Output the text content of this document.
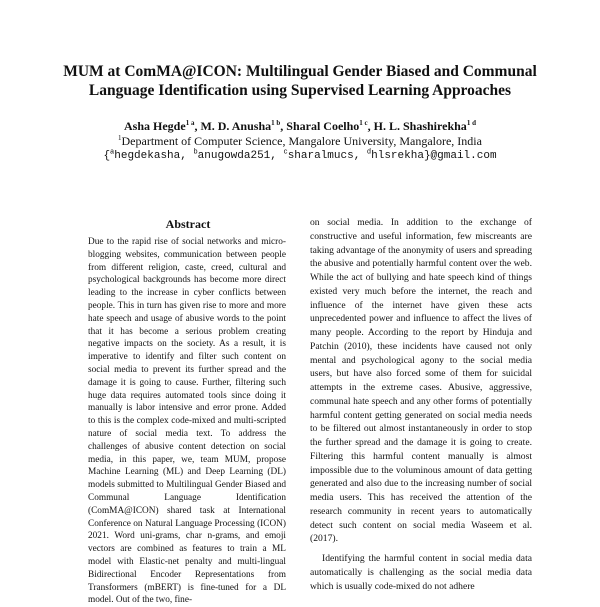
MUM at ComMA@ICON: Multilingual Gender Biased and Communal
Language Identification using Supervised Learning Approaches
Asha Hegde$^{1 a}$, M. D. Anusha$^{1 b}$, Sharal Coelho$^{1 c}$, H. L. Shashirekha$^{1 d}$
$^1$Department of Computer Science, Mangalore University, Mangalore, India
{$^a$hegdekasha, $^b$anugowda251, $^c$sharalmucs, $^d$hlsrekha}@gmail.com
Abstract

Due to the rapid rise of social networks and micro-blogging websites, communication between people from different religion, caste, creed, cultural and psychological backgrounds has become more direct leading to the increase in cyber conflicts between people. This in turn has given rise to more and more hate speech and usage of abusive words to the point that it has become a serious problem creating negative impacts on the society. As a result, it is imperative to identify and filter such content on social media to prevent its further spread and the damage it is going to cause. Further, filtering such huge data requires automated tools since doing it manually is labor intensive and error prone. Added to this is the complex code-mixed and multi-scripted nature of social media text. To address the challenges of abusive content detection on social media, in this paper, we, team MUM, propose Machine Learning (ML) and Deep Learning (DL) models submitted to Multilingual Gender Biased and Communal Language Identification (ComMA@ICON) shared task at International Conference on Natural Language Processing (ICON) 2021. Word uni-grams, char n-grams, and emoji vectors are combined as features to train a ML model with Elastic-net penalty and multi-lingual Bidirectional Encoder Representations from Transformers (mBERT) is fine-tuned for a DL model. Out of the two, fine-

on social media. In addition to the exchange of constructive and useful information, few miscreants are taking advantage of the anonymity of users and spreading the abusive and potentially harmful content over the web. While the act of bullying and hate speech kind of things existed very much before the internet, the reach and influence of the internet have given these acts unprecedented power and influence to affect the lives of many people. According to the report by Hinduja and Patchin (2010), these incidents have caused not only mental and psychological agony to the social media users, but have also forced some of them for suicidal attempts in the extreme cases. Abusive, aggressive, communal hate speech and any other forms of potentially harmful content getting generated on social media needs to be filtered out almost instantaneously in order to stop the further spread and the damage it is going to create. Filtering this harmful content manually is almost impossible due to the voluminous amount of data getting generated and also due to the increasing number of social media users. This has received the attention of the research community in recent years to automatically detect such content on social media Waseem et al. (2017).

Identifying the harmful content in social media data automatically is challenging as the social media data which is usually code-mixed do not adhere
